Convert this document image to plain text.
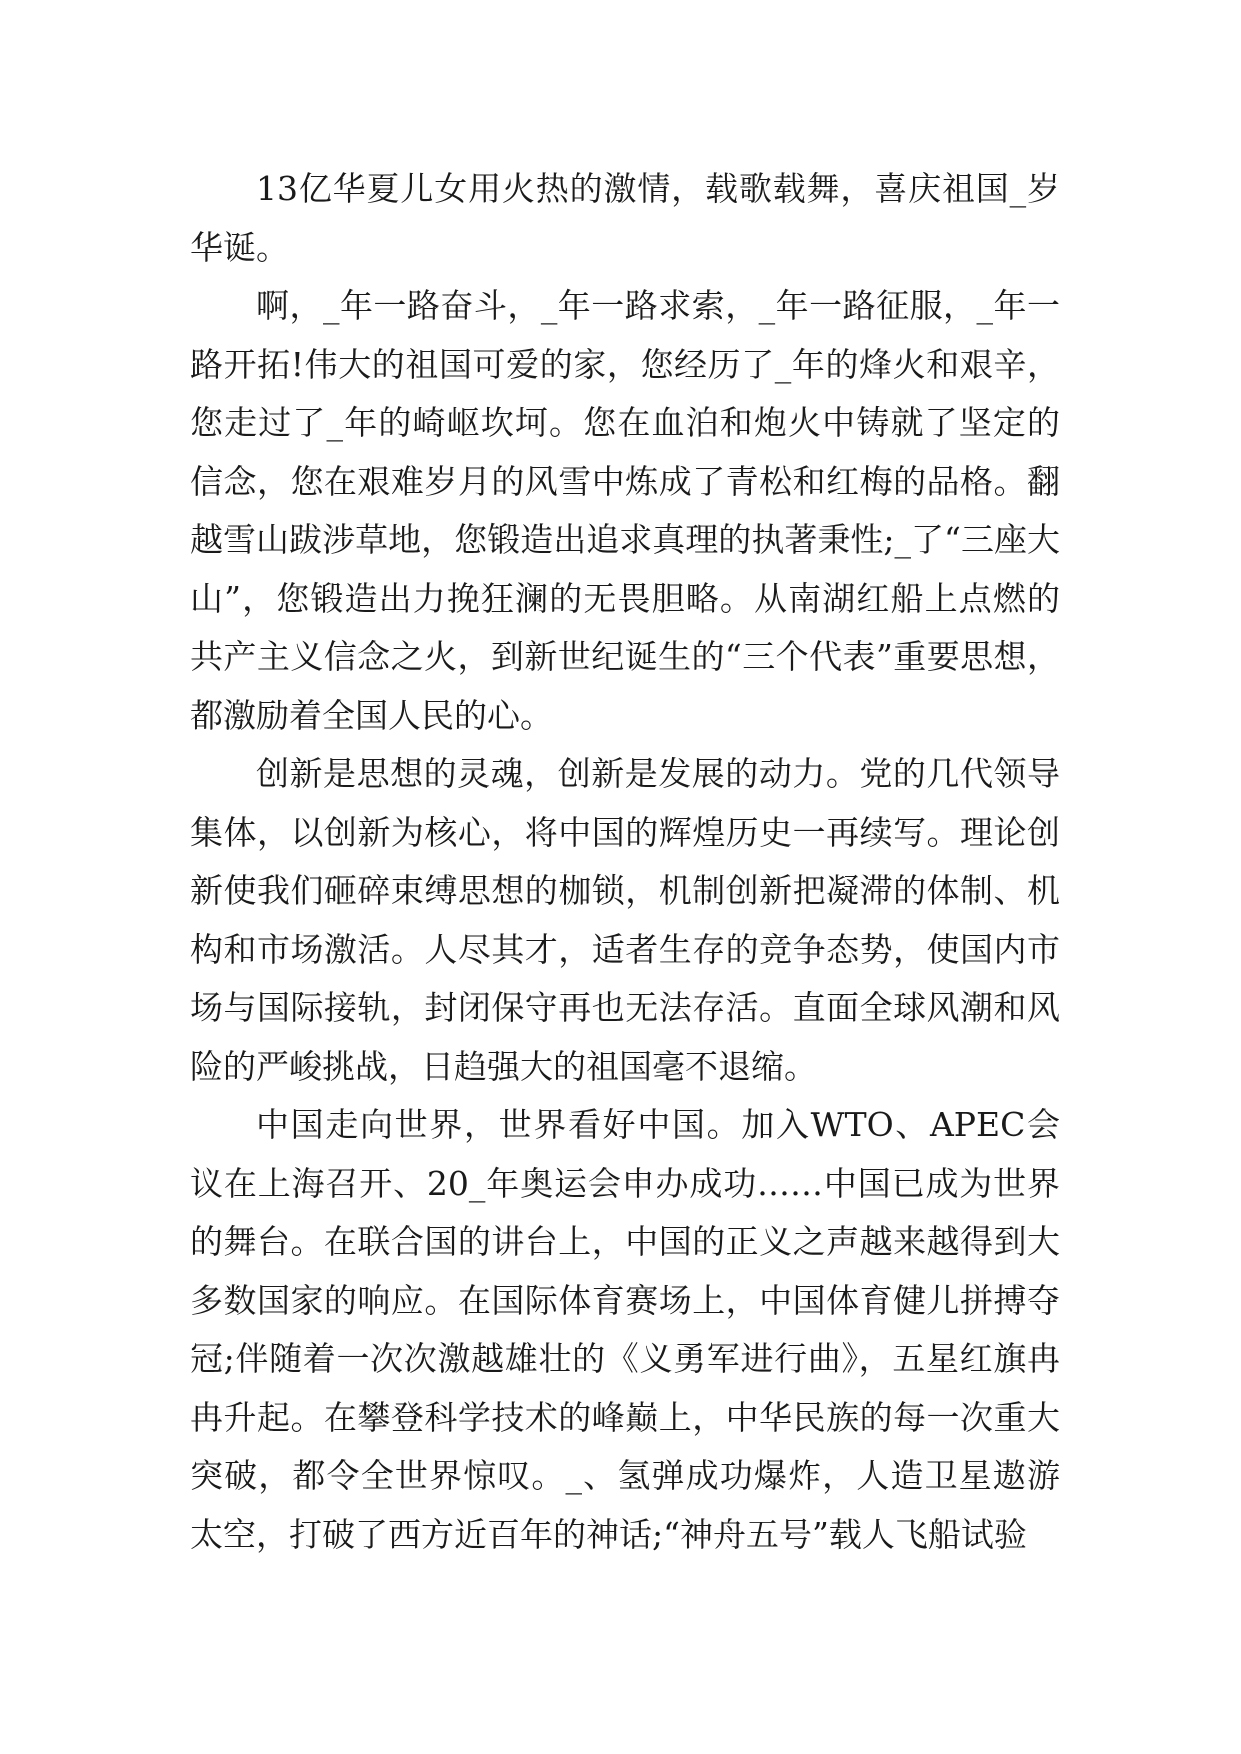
13亿华夏儿女用火热的激情，载歌载舞，喜庆祖国_岁华诞。

啊，_年一路奋斗，_年一路求索，_年一路征服，_年一路开拓!伟大的祖国可爱的家，您经历了_年的烽火和艰辛，您走过了_年的崎岖坎坷。您在血泊和炮火中铸就了坚定的信念，您在艰难岁月的风雪中炼成了青松和红梅的品格。翻越雪山跋涉草地，您锻造出追求真理的执著秉性;_了“三座大山”，您锻造出力挽狂澜的无畏胆略。从南湖红船上点燃的共产主义信念之火，到新世纪诞生的“三个代表”重要思想，都激励着全国人民的心。

创新是思想的灵魂，创新是发展的动力。党的几代领导集体，以创新为核心，将中国的辉煌历史一再续写。理论创新使我们砸碎束缚思想的枷锁，机制创新把凝滞的体制、机构和市场激活。人尽其才，适者生存的竞争态势，使国内市场与国际接轨，封闭保守再也无法存活。直面全球风潮和风险的严峻挑战，日趋强大的祖国毫不退缩。

中国走向世界，世界看好中国。加入WTO、APEC会议在上海召开、20_年奥运会申办成功……中国已成为世界的舞台。在联合国的讲台上，中国的正义之声越来越得到大多数国家的响应。在国际体育赛场上，中国体育健儿拼搏夺冠;伴随着一次次激越雄壮的《义勇军进行曲》，五星红旗冉冉升起。在攀登科学技术的峰巅上，中华民族的每一次重大突破，都令全世界惊叹。_、氢弹成功爆炸，人造卫星遨游太空，打破了西方近百年的神话;“神舟五号”载人飞船试验
